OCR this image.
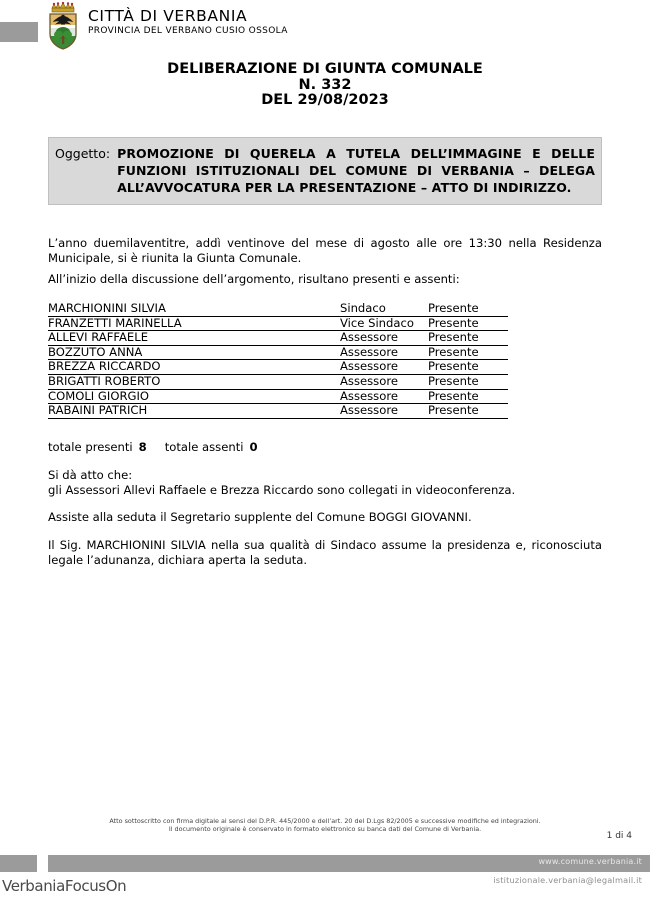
CITTÀ DI VERBANIA
PROVINCIA DEL VERBANO CUSIO OSSOLA
DELIBERAZIONE DI GIUNTA COMUNALE
N. 332
DEL 29/08/2023
Oggetto: PROMOZIONE DI QUERELA A TUTELA DELL’IMMAGINE E DELLE FUNZIONI ISTITUZIONALI DEL COMUNE DI VERBANIA – DELEGA ALL’AVVOCATURA PER LA PRESENTAZIONE – ATTO DI INDIRIZZO.
L’anno duemilaventitre, addì ventinove del mese di agosto alle ore 13:30 nella Residenza Municipale, si è riunita la Giunta Comunale.
All’inizio della discussione dell’argomento, risultano presenti e assenti:
MARCHIONINI SILVIA	Sindaco	Presente
FRANZETTI MARINELLA	Vice Sindaco	Presente
ALLEVI RAFFAELE	Assessore	Presente
BOZZUTO ANNA	Assessore	Presente
BREZZA RICCARDO	Assessore	Presente
BRIGATTI ROBERTO	Assessore	Presente
COMOLI GIORGIO	Assessore	Presente
RABAINI PATRICH	Assessore	Presente
totale presenti 8 totale assenti 0
Si dà atto che:
gli Assessori Allevi Raffaele e Brezza Riccardo sono collegati in videoconferenza.
Assiste alla seduta il Segretario supplente del Comune BOGGI GIOVANNI.
Il Sig. MARCHIONINI SILVIA nella sua qualità di Sindaco assume la presidenza e, riconosciuta legale l’adunanza, dichiara aperta la seduta.
Atto sottoscritto con firma digitale ai sensi del D.P.R. 445/2000 e dell’art. 20 del D.Lgs 82/2005 e successive modifiche ed integrazioni.
Il documento originale è conservato in formato elettronico su banca dati del Comune di Verbania.
1 di 4
www.comune.verbania.it
istituzionale.verbania@legalmail.it
VerbaniaFocusOn
